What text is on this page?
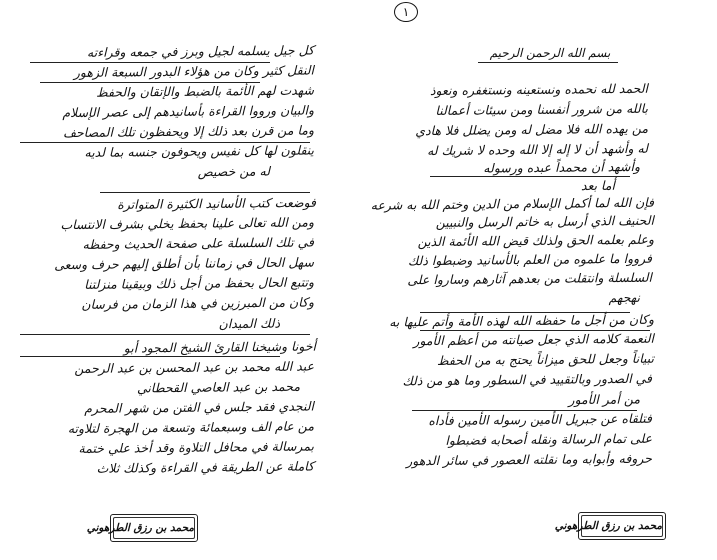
كل جيل يسلمه لجيل وبرز في جمعه وقراءته
النقل كثير وكان من هؤلاء البدور السبعة الزهور
شهدت لهم الأئمة بالضبط والإتقان والحفظ
والبيان ورووا القراءة بأسانيدهم إلى عصر الإسلام
وما من قرن بعد ذلك إلا ويحفظون تلك المصاحف
ينقلون لها كل نفيس ويحوفون جنسه بما لديه
له من خصيص
فوضعت كتب الأسانيد الكثيرة المتواترة
ومن الله تعالى علينا بحفظ يخلي بشرف الانتساب
في تلك السلسلة على صفحة الحديث وحفظه
سهل الحال في زماننا بأن أطلق إليهم حرف وسعى
وتتبع الحال بحفظ من أجل ذلك وبيقينا منزلتنا
وكان من المبرزين في هذا الزمان من فرسان
ذلك الميدان
أخونا وشيخنا القارئ الشيخ المجود أبو
عبد الله محمد بن عبد المحسن بن عبد الرحمن
محمد بن عبد العاصي القحطاني
النجدي فقد جلس في الفتن من شهر المحرم
من عام الف وسبعمائة وتسعة من الهجرة لتلاوته
بمرسالة في محافل التلاوة وقد أخذ علي ختمة
كاملة عن الطريقة في القراءة وكذلك ثلاث
الحمد لله نحمده ونستعينه ونستغفره ونعوذ
بالله من شرور أنفسنا ومن سيئات أعمالنا
من يهده الله فلا مضل له ومن يضلل فلا هادي
له وأشهد أن لا إله إلا الله وحده لا شريك له
وأشهد أن محمداً عبده ورسوله
أما بعد
فإن الله لما أكمل الإسلام من الدين وختم الله به شرعه
الحنيف الذي أرسل به خاتم الرسل والنبيين
وعلم بعلمه الحق ولذلك قيض الله الأئمة الذين
فرووا ما علموه من العلم بالأسانيد وضبطوا ذلك
السلسلة وانتقلت من بعدهم آثارهم وساروا على
نهجهم
وكان من أجل ما حفظه الله لهذه الأمة وأتم عليها به
النعمة كلامه الذي جعل صيانته من أعظم الأمور
تبياناً وجعل للحق ميزاناً يحتج به من الحفظ
في الصدور وبالتقييد في السطور وما هو من ذلك
من أمر الأمور
فتلقاه عن جبريل الأمين رسوله الأمين فأداه
على تمام الرسالة ونقله أصحابه فضبطوا
حروفه وأبوابه وما نقلته العصور في سائر الدهور
١
بسم الله الرحمن الرحيم
محمد بن رزق الطرهوني
محمد بن رزق الطرهوني
